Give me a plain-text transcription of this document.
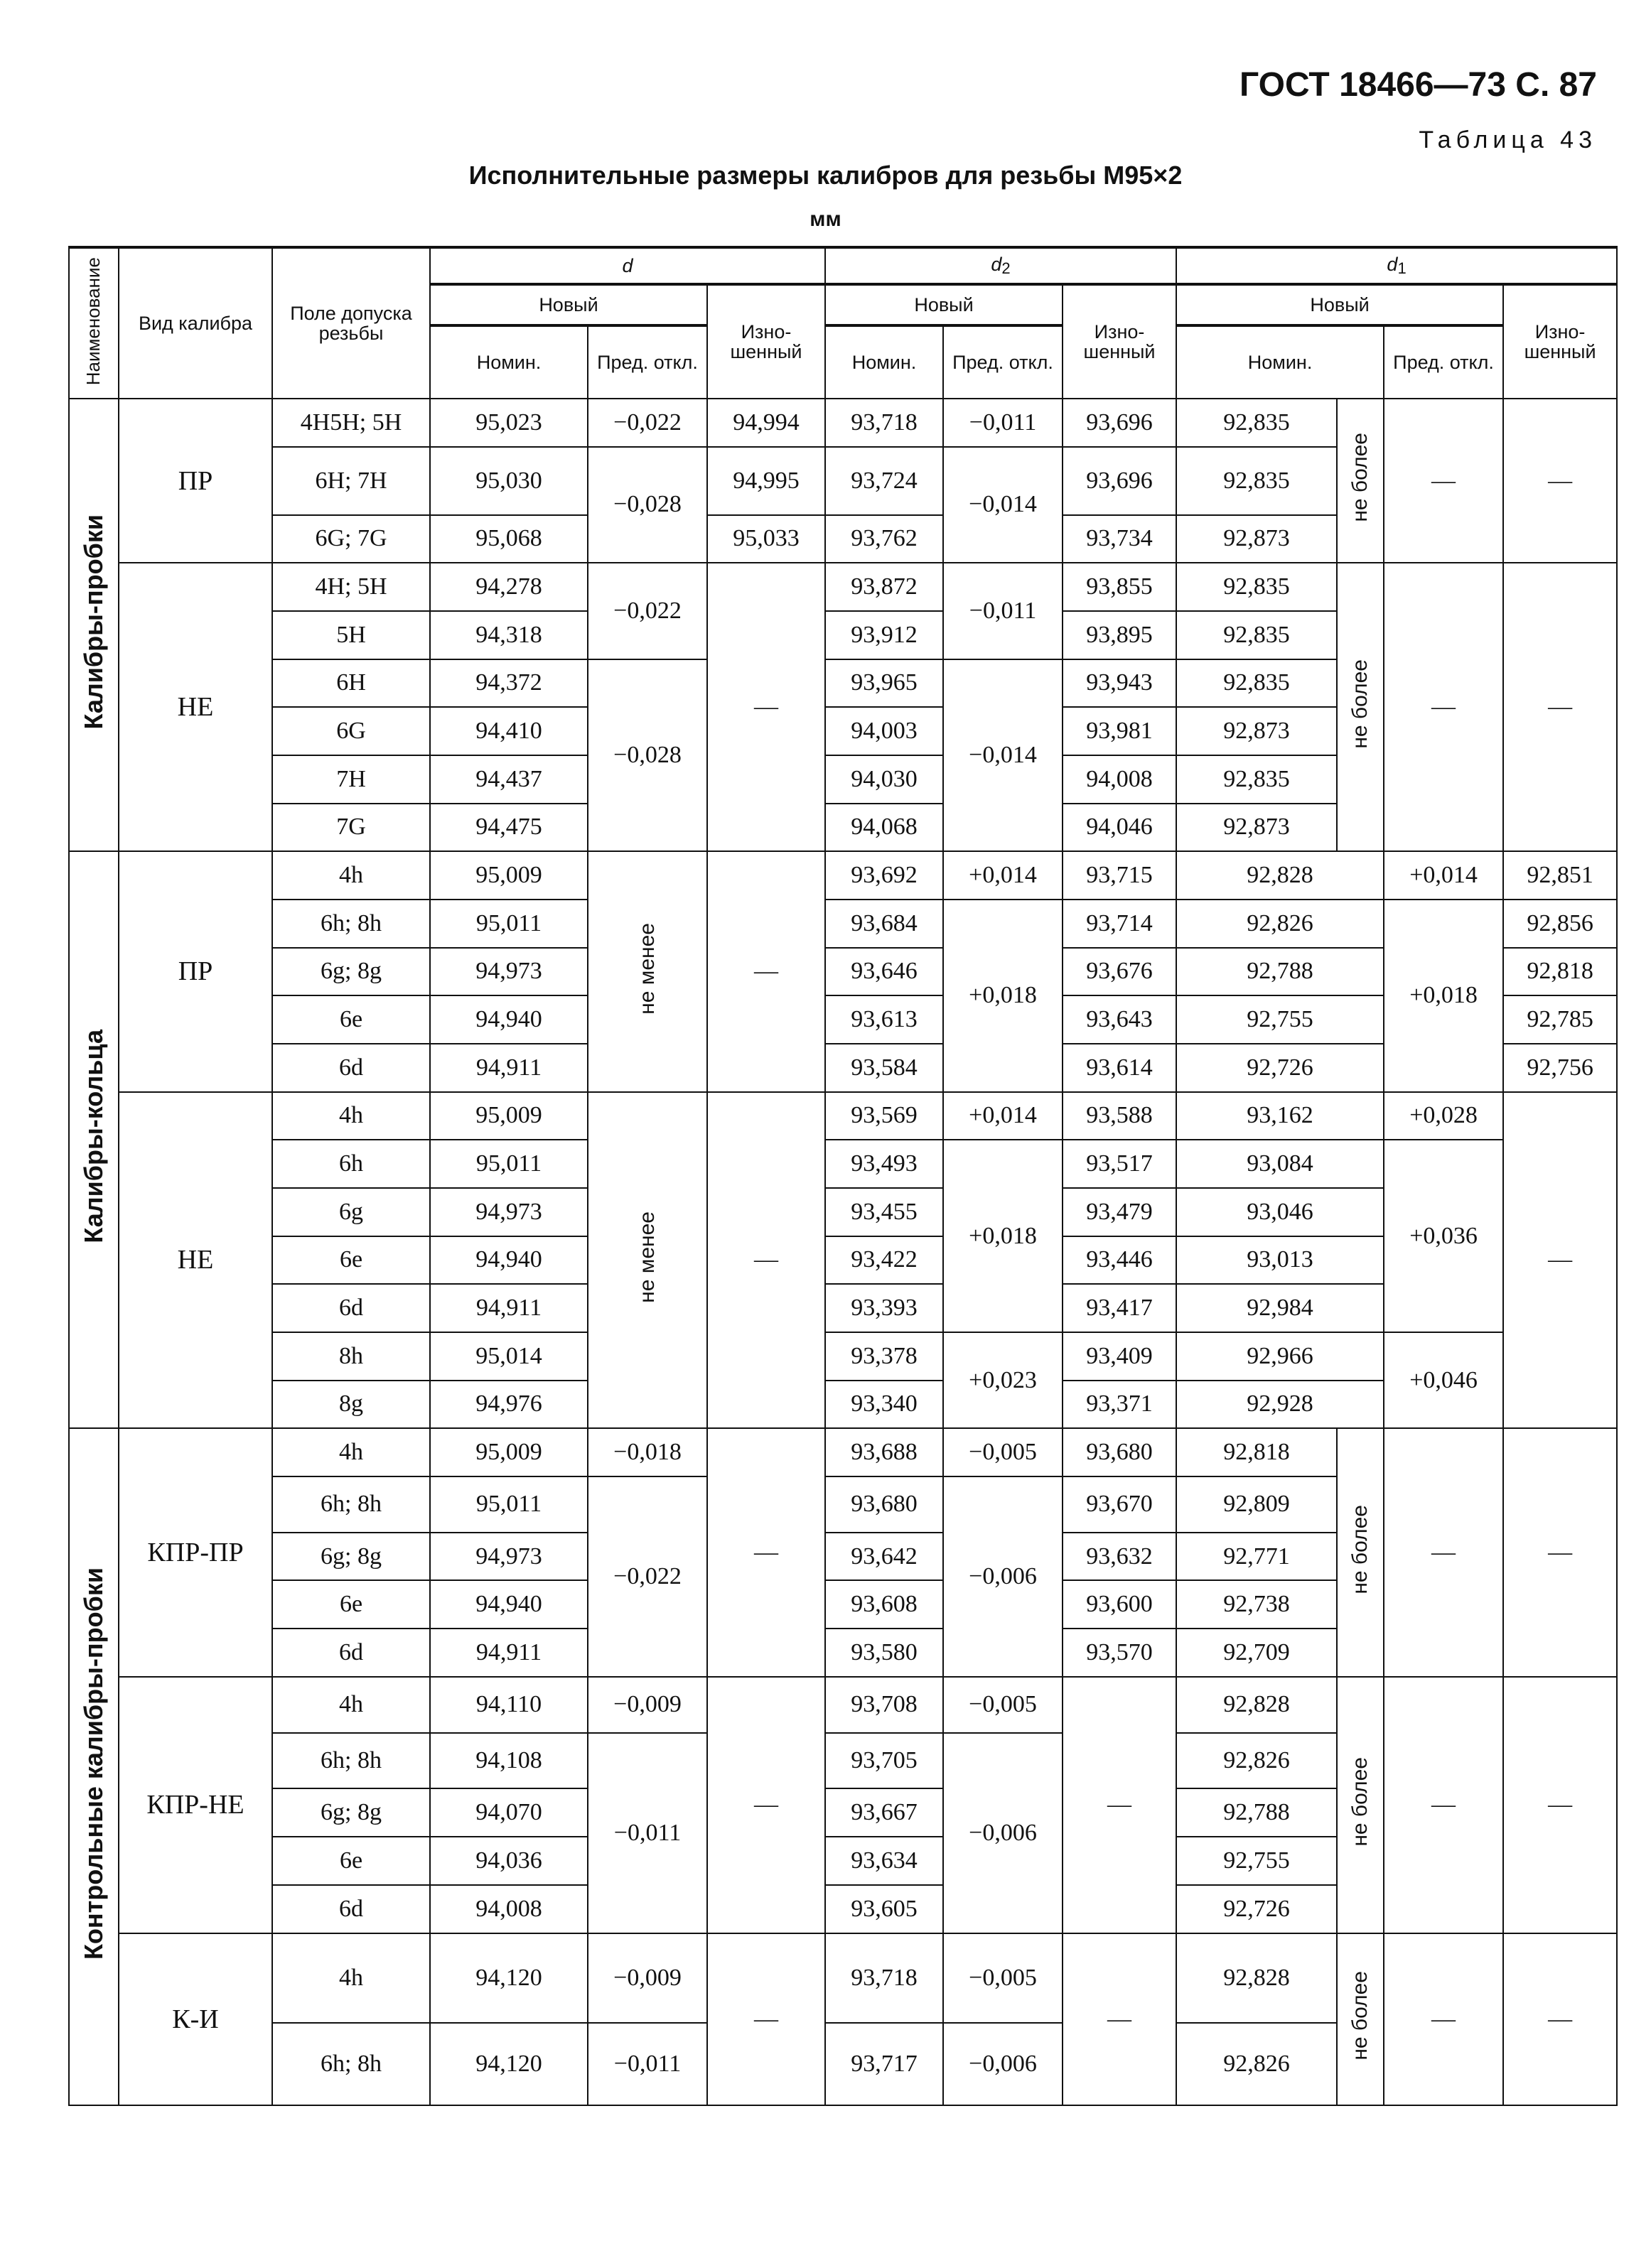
ГОСТ 18466—73 С. 87
Таблица 43
Исполнительные размеры калибров для резьбы М95×2
мм
Наименование	Вид калибра	Поле допуска резьбы	d			d2			d1			
			Новый		Изно-шенный	Новый		Изно-шенный	Новый			Изно-шенный
			Номин.	Пред. откл.		Номин.	Пред. откл.		Номин.		Пред. откл.	
Калибры-пробки	ПР	4H5H; 5H	95,023	−0,022	94,994	93,718	−0,011	93,696	92,835	не более	—	—
		6H; 7H	95,030	−0,028	94,995	93,724	−0,014	93,696	92,835			
		6G; 7G	95,068		95,033	93,762		93,734	92,873			
	НЕ	4H; 5H	94,278	−0,022	—	93,872	−0,011	93,855	92,835	не более	—	—
		5H	94,318			93,912		93,895	92,835			
		6H	94,372	−0,028		93,965	−0,014	93,943	92,835			
		6G	94,410			94,003		93,981	92,873			
		7H	94,437			94,030		94,008	92,835			
		7G	94,475			94,068		94,046	92,873			
Калибры-кольца	ПР	4h	95,009	не менее	—	93,692	+0,014	93,715	92,828		+0,014	92,851
		6h; 8h	95,011			93,684	+0,018	93,714	92,826		+0,018	92,856
		6g; 8g	94,973			93,646		93,676	92,788			92,818
		6e	94,940			93,613		93,643	92,755			92,785
		6d	94,911			93,584		93,614	92,726			92,756
	НЕ	4h	95,009	не менее	—	93,569	+0,014	93,588	93,162		+0,028	—
		6h	95,011			93,493	+0,018	93,517	93,084		+0,036	
		6g	94,973			93,455		93,479	93,046			
		6e	94,940			93,422		93,446	93,013			
		6d	94,911			93,393		93,417	92,984			
		8h	95,014			93,378	+0,023	93,409	92,966		+0,046	
		8g	94,976			93,340		93,371	92,928			
Контрольные калибры-пробки	КПР-ПР	4h	95,009	−0,018	—	93,688	−0,005	93,680	92,818	не более	—	—
		6h; 8h	95,011	−0,022		93,680	−0,006	93,670	92,809			
		6g; 8g	94,973			93,642		93,632	92,771			
		6e	94,940			93,608		93,600	92,738			
		6d	94,911			93,580		93,570	92,709			
	КПР-НЕ	4h	94,110	−0,009	—	93,708	−0,005	—	92,828	не более	—	—
		6h; 8h	94,108	−0,011		93,705	−0,006		92,826			
		6g; 8g	94,070			93,667			92,788			
		6e	94,036			93,634			92,755			
		6d	94,008			93,605			92,726			
	К-И	4h	94,120	−0,009	—	93,718	−0,005	—	92,828	не более	—	—
		6h; 8h	94,120	−0,011		93,717	−0,006		92,826			
